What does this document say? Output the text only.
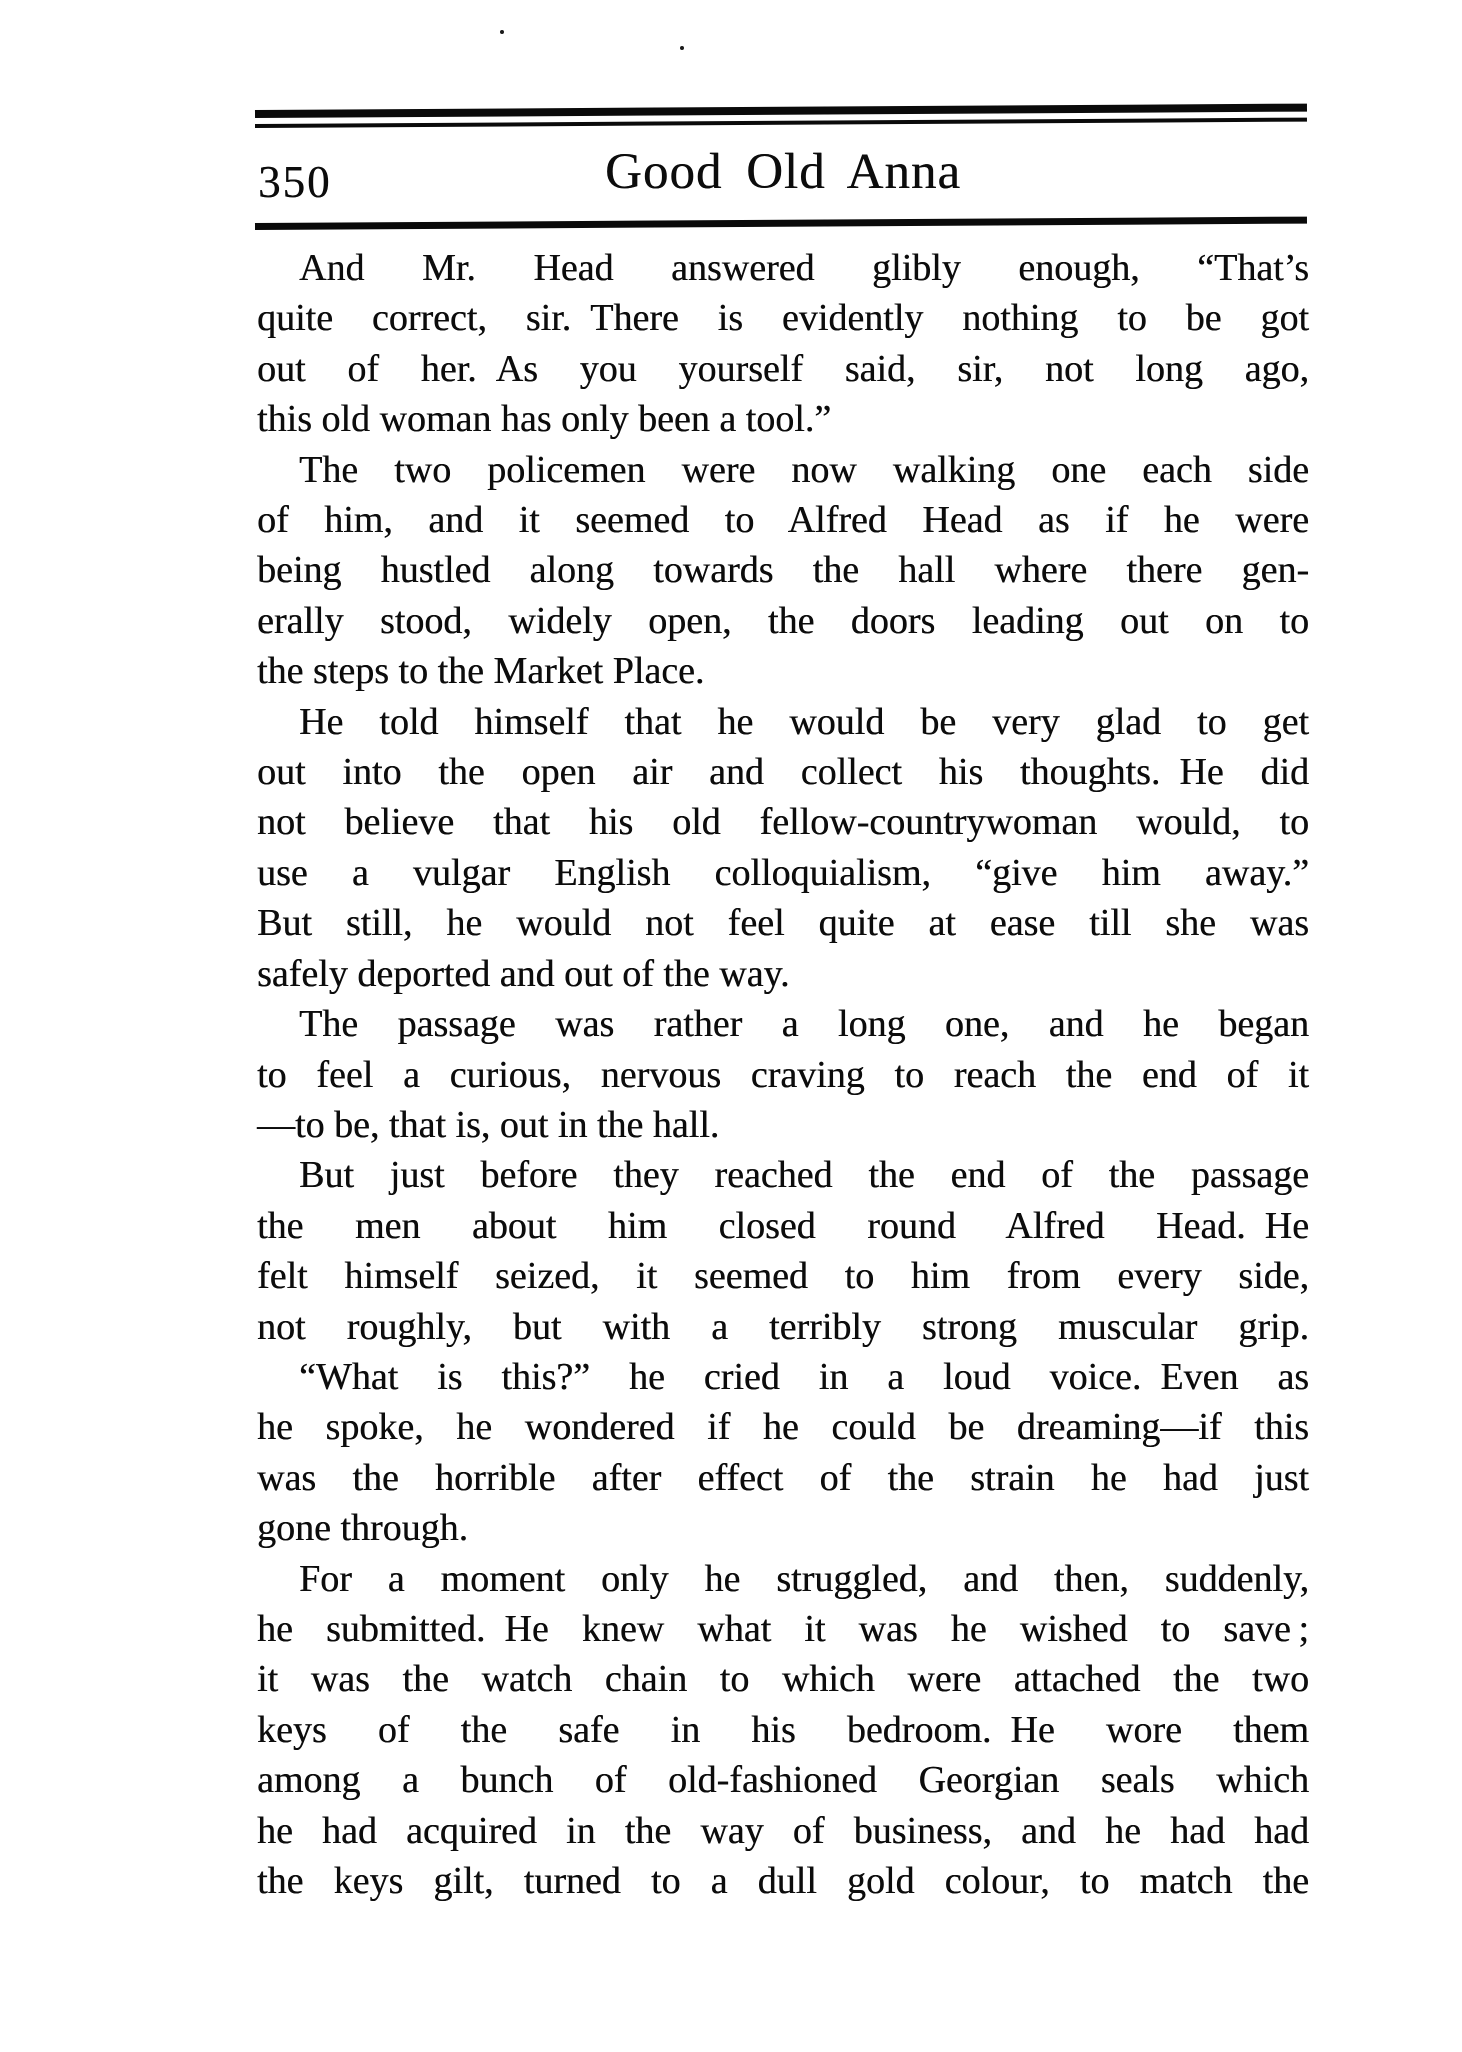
350	Good Old Anna

And Mr. Head answered glibly enough, “That’s
quite correct, sir. There is evidently nothing to be got
out of her. As you yourself said, sir, not long ago,
this old woman has only been a tool.”

The two policemen were now walking one each side
of him, and it seemed to Alfred Head as if he were
being hustled along towards the hall where there gen-
erally stood, widely open, the doors leading out on to
the steps to the Market Place.

He told himself that he would be very glad to get
out into the open air and collect his thoughts. He did
not believe that his old fellow-countrywoman would, to
use a vulgar English colloquialism, “give him away.”
But still, he would not feel quite at ease till she was
safely deported and out of the way.

The passage was rather a long one, and he began
to feel a curious, nervous craving to reach the end of it
—to be, that is, out in the hall.

But just before they reached the end of the passage
the men about him closed round Alfred Head. He
felt himself seized, it seemed to him from every side,
not roughly, but with a terribly strong muscular grip.

“What is this?” he cried in a loud voice. Even as
he spoke, he wondered if he could be dreaming—if this
was the horrible after effect of the strain he had just
gone through.

For a moment only he struggled, and then, suddenly,
he submitted. He knew what it was he wished to save ;
it was the watch chain to which were attached the two
keys of the safe in his bedroom. He wore them
among a bunch of old-fashioned Georgian seals which
he had acquired in the way of business, and he had had
the keys gilt, turned to a dull gold colour, to match the
